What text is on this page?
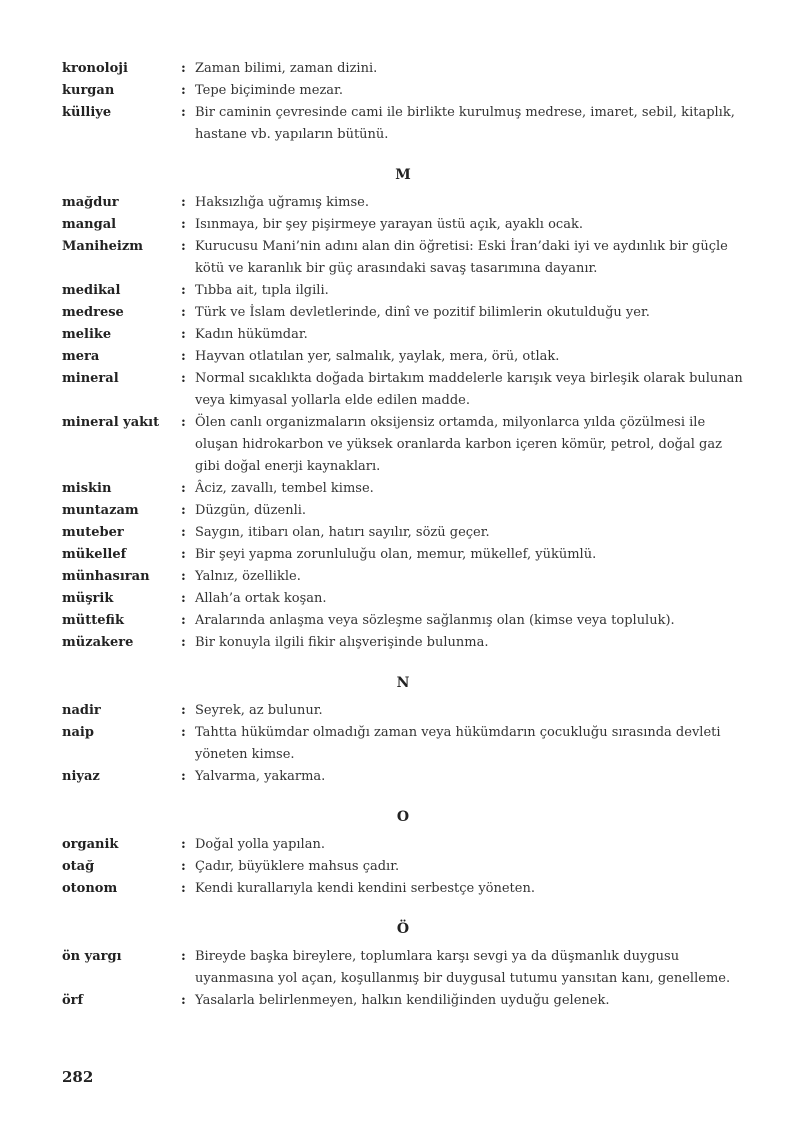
kronoloji	: Zaman bilimi, zaman dizini.
kurgan	: Tepe biçiminde mezar.
külliye	: Bir caminin çevresinde cami ile birlikte kurulmuş medrese, imaret, sebil, kitaplık, hastane vb. yapıların bütünü.
M
mağdur	: Haksızlığa uğramış kimse.
mangal	: Isınmaya, bir şey pişirmeye yarayan üstü açık, ayaklı ocak.
Maniheizm	: Kurucusu Mani’nin adını alan din öğretisi: Eski İran’daki iyi ve aydınlık bir güçle kötü ve karanlık bir güç arasındaki savaş tasarımına dayanır.
medikal	: Tıbba ait, tıpla ilgili.
medrese	: Türk ve İslam devletlerinde, dinî ve pozitif bilimlerin okutulduğu yer.
melike	: Kadın hükümdar.
mera	: Hayvan otlatılan yer, salmalık, yaylak, mera, örü, otlak.
mineral	: Normal sıcaklıkta doğada birtakım maddelerle karışık veya birleşik olarak bulunan veya kimyasal yollarla elde edilen madde.
mineral yakıt	: Ölen canlı organizmaların oksijensiz ortamda, milyonlarca yılda çözülmesi ile oluşan hidrokarbon ve yüksek oranlarda karbon içeren kömür, petrol, doğal gaz gibi doğal enerji kaynakları.
miskin	: Âciz, zavallı, tembel kimse.
muntazam	: Düzgün, düzenli.
muteber	: Saygın, itibarı olan, hatırı sayılır, sözü geçer.
mükellef	: Bir şeyi yapma zorunluluğu olan, memur, mükellef, yükümlü.
münhasıran	: Yalnız, özellikle.
müşrik	: Allah’a ortak koşan.
müttefik	: Aralarında anlaşma veya sözleşme sağlanmış olan (kimse veya topluluk).
müzakere	: Bir konuyla ilgili fikir alışverişinde bulunma.
N
nadir	: Seyrek, az bulunur.
naip	: Tahtta hükümdar olmadığı zaman veya hükümdarın çocukluğu sırasında devleti yöneten kimse.
niyaz	: Yalvarma, yakarma.
O
organik	: Doğal yolla yapılan.
otağ	: Çadır, büyüklere mahsus çadır.
otonom	: Kendi kurallarıyla kendi kendini serbestçe yöneten.
Ö
ön yargı	: Bireyde başka bireylere, toplumlara karşı sevgi ya da düşmanlık duygusu uyanmasına yol açan, koşullanmış bir duygusal tutumu yansıtan kanı, genelleme.
örf	: Yasalarla belirlenmeyen, halkın kendiliğinden uyduğu gelenek.
282
